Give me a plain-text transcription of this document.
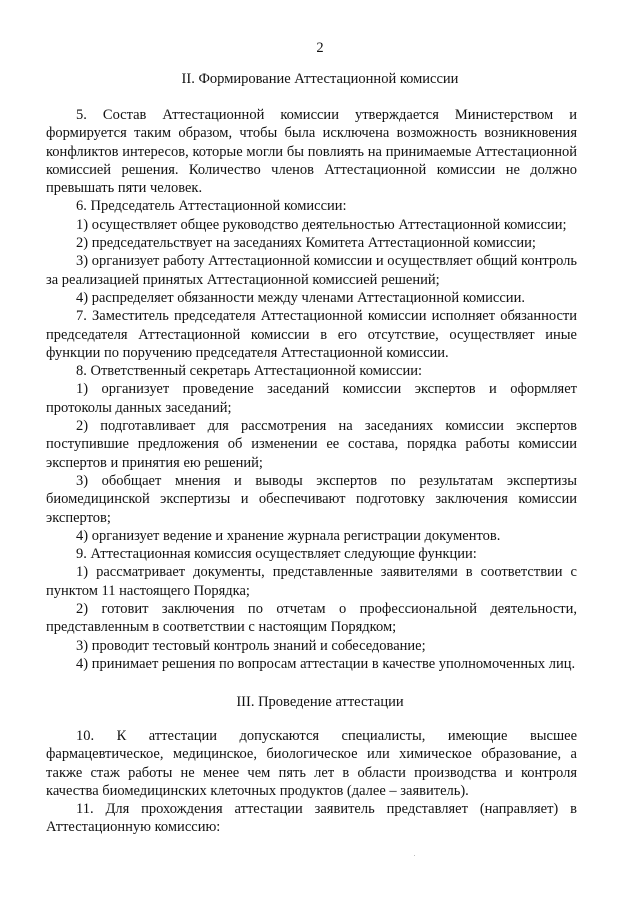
2
II. Формирование Аттестационной комиссии

5. Состав Аттестационной комиссии утверждается Министерством и формируется таким образом, чтобы была исключена возможность возникновения конфликтов интересов, которые могли бы повлиять на принимаемые Аттестационной комиссией решения. Количество членов Аттестационной комиссии не должно превышать пяти человек.

6. Председатель Аттестационной комиссии:

1) осуществляет общее руководство деятельностью Аттестационной комиссии;

2) председательствует на заседаниях Комитета Аттестационной комиссии;

3) организует работу Аттестационной комиссии и осуществляет общий контроль за реализацией принятых Аттестационной комиссией решений;

4) распределяет обязанности между членами Аттестационной комиссии.

7. Заместитель председателя Аттестационной комиссии исполняет обязанности председателя Аттестационной комиссии в его отсутствие, осуществляет иные функции по поручению председателя Аттестационной комиссии.

8. Ответственный секретарь Аттестационной комиссии:

1) организует проведение заседаний комиссии экспертов и оформляет протоколы данных заседаний;

2) подготавливает для рассмотрения на заседаниях комиссии экспертов поступившие предложения об изменении ее состава, порядка работы комиссии экспертов и принятия ею решений;

3) обобщает мнения и выводы экспертов по результатам экспертизы биомедицинской экспертизы и обеспечивают подготовку заключения комиссии экспертов;

4) организует ведение и хранение журнала регистрации документов.

9. Аттестационная комиссия осуществляет следующие функции:

1) рассматривает документы, представленные заявителями в соответствии с пунктом 11 настоящего Порядка;

2) готовит заключения по отчетам о профессиональной деятельности, представленным в соответствии с настоящим Порядком;

3) проводит тестовый контроль знаний и собеседование;

4) принимает решения по вопросам аттестации в качестве уполномоченных лиц.

III. Проведение аттестации

10. К аттестации допускаются специалисты, имеющие высшее фармацевтическое, медицинское, биологическое или химическое образование, а также стаж работы не менее чем пять лет в области производства и контроля качества биомедицинских клеточных продуктов (далее – заявитель).

11. Для прохождения аттестации заявитель представляет (направляет) в Аттестационную комиссию:
